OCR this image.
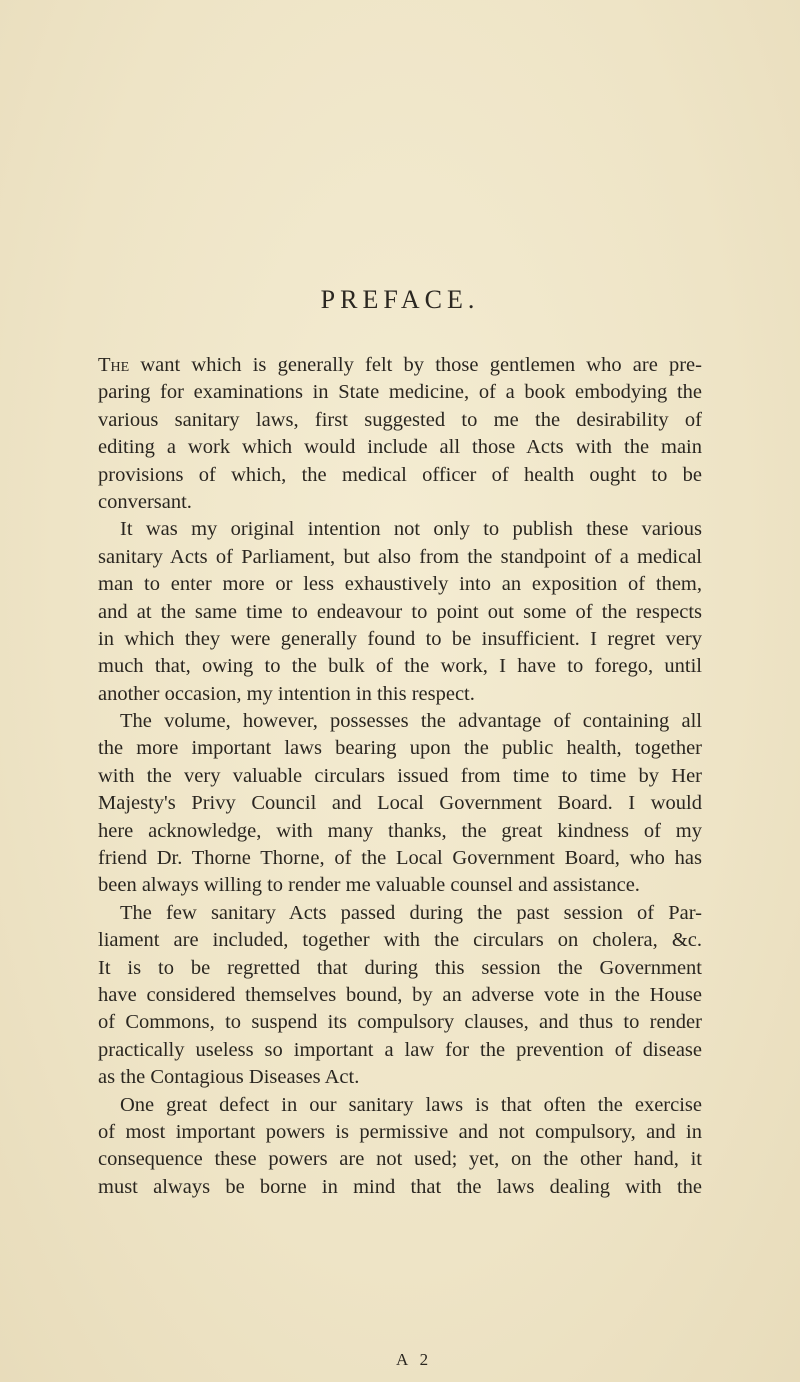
PREFACE.
The want which is generally felt by those gentlemen who are pre-
paring for examinations in State medicine, of a book embodying the
various sanitary laws, first suggested to me the desirability of
editing a work which would include all those Acts with the main
provisions of which, the medical officer of health ought to be
conversant.
It was my original intention not only to publish these various
sanitary Acts of Parliament, but also from the standpoint of a medical
man to enter more or less exhaustively into an exposition of them,
and at the same time to endeavour to point out some of the respects
in which they were generally found to be insufficient. I regret very
much that, owing to the bulk of the work, I have to forego, until
another occasion, my intention in this respect.
The volume, however, possesses the advantage of containing all
the more important laws bearing upon the public health, together
with the very valuable circulars issued from time to time by Her
Majesty's Privy Council and Local Government Board. I would
here acknowledge, with many thanks, the great kindness of my
friend Dr. Thorne Thorne, of the Local Government Board, who has
been always willing to render me valuable counsel and assistance.
The few sanitary Acts passed during the past session of Par-
liament are included, together with the circulars on cholera, &c.
It is to be regretted that during this session the Government
have considered themselves bound, by an adverse vote in the House
of Commons, to suspend its compulsory clauses, and thus to render
practically useless so important a law for the prevention of disease
as the Contagious Diseases Act.
One great defect in our sanitary laws is that often the exercise
of most important powers is permissive and not compulsory, and in
consequence these powers are not used; yet, on the other hand, it
must always be borne in mind that the laws dealing with the
A 2
